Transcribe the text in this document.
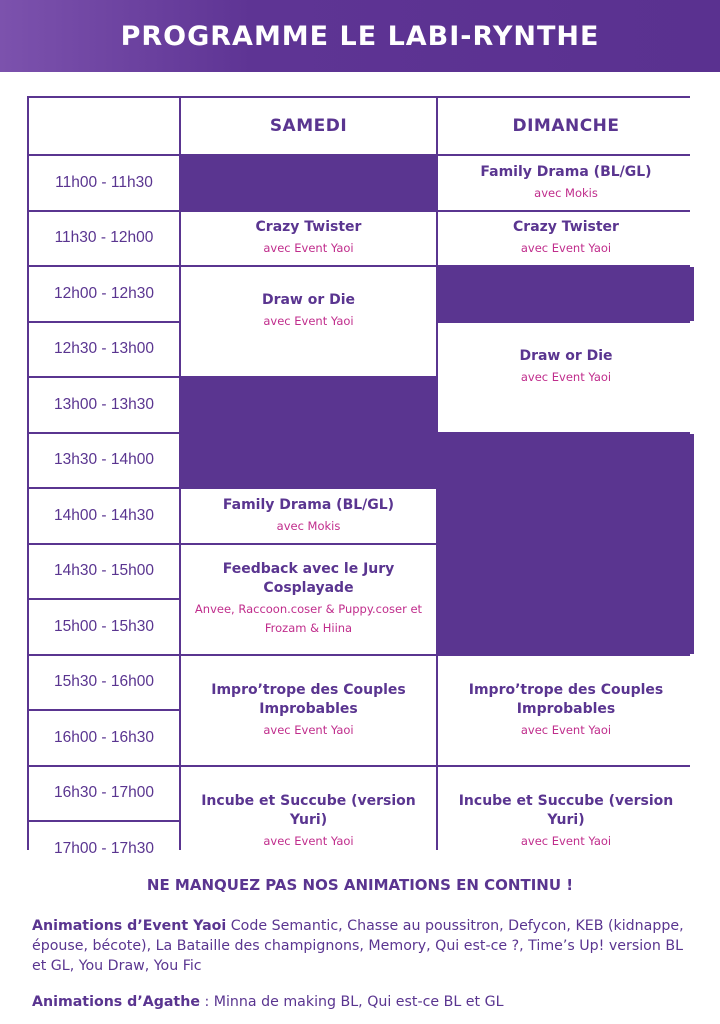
PROGRAMME LE LABI-RYNTHE
SAMEDI	DIMANCHE
11h00 - 11h30
11h30 - 12h00
12h00 - 12h30
12h30 - 13h00
13h00 - 13h30
13h30 - 14h00
14h00 - 14h30
14h30 - 15h00
15h00 - 15h30
15h30 - 16h00
16h00 - 16h30
16h30 - 17h00
17h00 - 17h30
Crazy Twister
avec Event Yaoi
Draw or Die
avec Event Yaoi
Family Drama (BL/GL)
avec Mokis
Feedback avec le Jury Cosplayade
Anvee, Raccoon.coser & Puppy.coser et Frozam & Hiina
Impro’trope des Couples Improbables
avec Event Yaoi
Incube et Succube (version Yuri)
avec Event Yaoi
Family Drama (BL/GL)
avec Mokis
Crazy Twister
avec Event Yaoi
Draw or Die
avec Event Yaoi
Impro’trope des Couples Improbables
avec Event Yaoi
Incube et Succube (version Yuri)
avec Event Yaoi
NE MANQUEZ PAS NOS ANIMATIONS EN CONTINU !
Animations d’Event Yaoi Code Semantic, Chasse au poussitron, Defycon, KEB (kidnappe, épouse, bécote), La Bataille des champignons, Memory, Qui est-ce ?, Time’s Up! version BL et GL, You Draw, You Fic
Animations d’Agathe : Minna de making BL, Qui est-ce BL et GL
